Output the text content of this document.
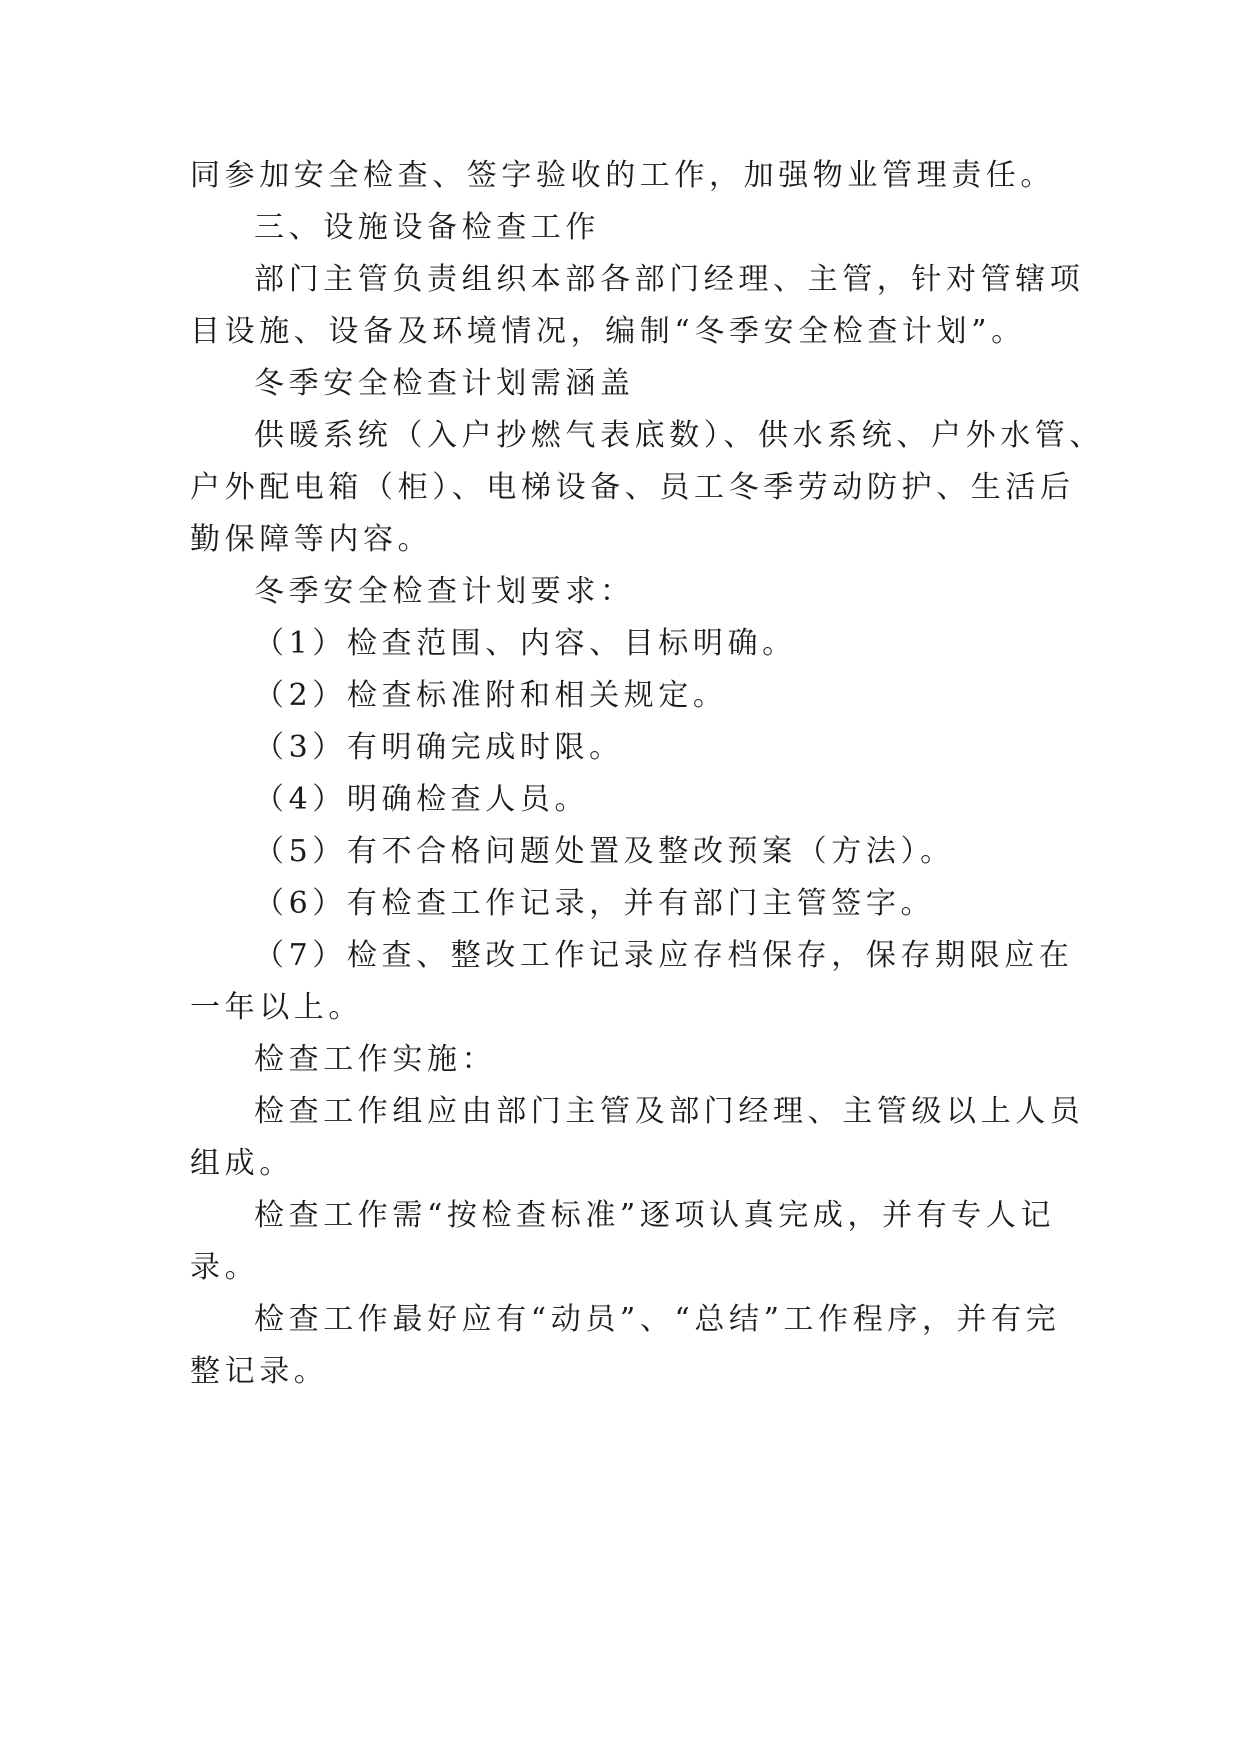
同参加安全检查、签字验收的工作，加强物业管理责任。
三、设施设备检查工作
部门主管负责组织本部各部门经理、主管，针对管辖项
目设施、设备及环境情况，编制“冬季安全检查计划”。
冬季安全检查计划需涵盖
供暖系统（入户抄燃气表底数）、供水系统、户外水管、
户外配电箱（柜）、电梯设备、员工冬季劳动防护、生活后
勤保障等内容。
冬季安全检查计划要求：
（1）检查范围、内容、目标明确。
（2）检查标准附和相关规定。
（3）有明确完成时限。
（4）明确检查人员。
（5）有不合格问题处置及整改预案（方法）。
（6）有检查工作记录，并有部门主管签字。
（7）检查、整改工作记录应存档保存，保存期限应在
一年以上。
检查工作实施：
检查工作组应由部门主管及部门经理、主管级以上人员
组成。
检查工作需“按检查标准”逐项认真完成，并有专人记
录。
检查工作最好应有“动员”、“总结”工作程序，并有完
整记录。
